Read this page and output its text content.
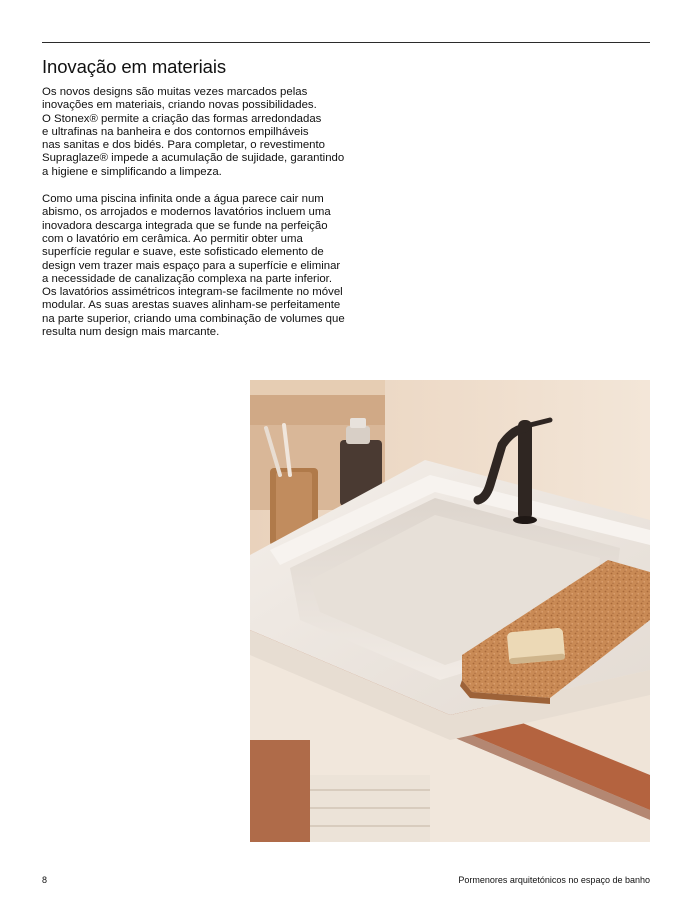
Inovação em materiais

Os novos designs são muitas vezes marcados pelas
inovações em materiais, criando novas possibilidades.
O Stonex® permite a criação das formas arredondadas
e ultrafinas na banheira e dos contornos empilháveis
nas sanitas e dos bidés. Para completar, o revestimento
Supraglaze® impede a acumulação de sujidade, garantindo
a higiene e simplificando a limpeza.

Como uma piscina infinita onde a água parece cair num
abismo, os arrojados e modernos lavatórios incluem uma
inovadora descarga integrada que se funde na perfeição
com o lavatório em cerâmica. Ao permitir obter uma
superfície regular e suave, este sofisticado elemento de
design vem trazer mais espaço para a superfície e eliminar
a necessidade de canalização complexa na parte inferior.
Os lavatórios assimétricos integram-se facilmente no móvel
modular. As suas arestas suaves alinham-se perfeitamente
na parte superior, criando uma combinação de volumes que
resulta num design mais marcante.

8	Pormenores arquitetónicos no espaço de banho
